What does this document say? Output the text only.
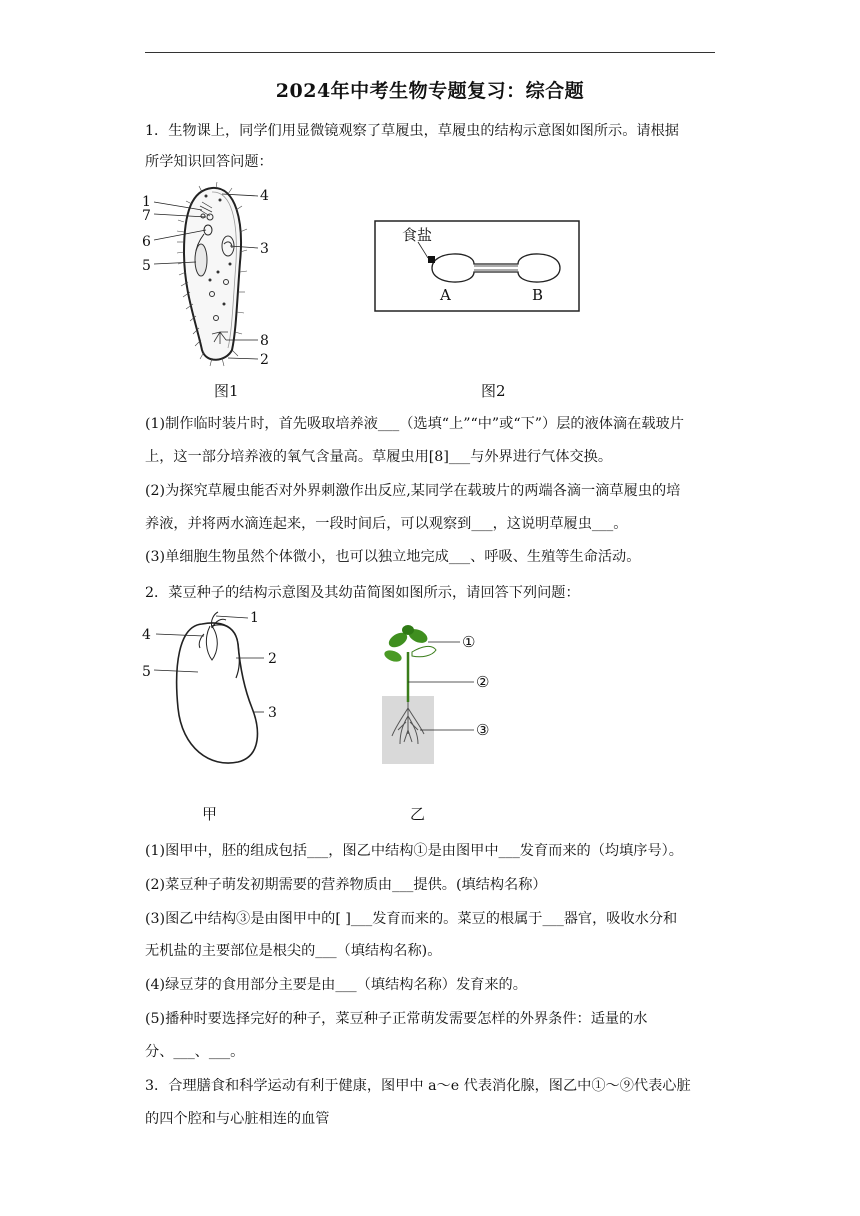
2024年中考生物专题复习：综合题
1．生物课上，同学们用显微镜观察了草履虫，草履虫的结构示意图如图所示。请根据
所学知识回答问题：
1
7
6
5
4
3
8
2
图1
食盐
A	B
图2
(1)制作临时装片时，首先吸取培养液___（选填“上”“中”或“下”）层的液体滴在载玻片
上，这一部分培养液的氧气含量高。草履虫用[8]___与外界进行气体交换。
(2)为探究草履虫能否对外界刺激作出反应,某同学在载玻片的两端各滴一滴草履虫的培
养液，并将两水滴连起来，一段时间后，可以观察到___，这说明草履虫___。
(3)单细胞生物虽然个体微小，也可以独立地完成___、呼吸、生殖等生命活动。
2．菜豆种子的结构示意图及其幼苗简图如图所示，请回答下列问题：
1
4
2
5
3
甲
①
②
③
乙
(1)图甲中，胚的组成包括___，图乙中结构①是由图甲中___发育而来的（均填序号）。
(2)菜豆种子萌发初期需要的营养物质由___提供。(填结构名称）
(3)图乙中结构③是由图甲中的[ ]___发育而来的。菜豆的根属于___器官，吸收水分和
无机盐的主要部位是根尖的___（填结构名称)。
(4)绿豆芽的食用部分主要是由___（填结构名称）发育来的。
(5)播种时要选择完好的种子，菜豆种子正常萌发需要怎样的外界条件：适量的水
分、___、___。
3．合理膳食和科学运动有利于健康，图甲中 a～e 代表消化腺，图乙中①～⑨代表心脏
的四个腔和与心脏相连的血管
